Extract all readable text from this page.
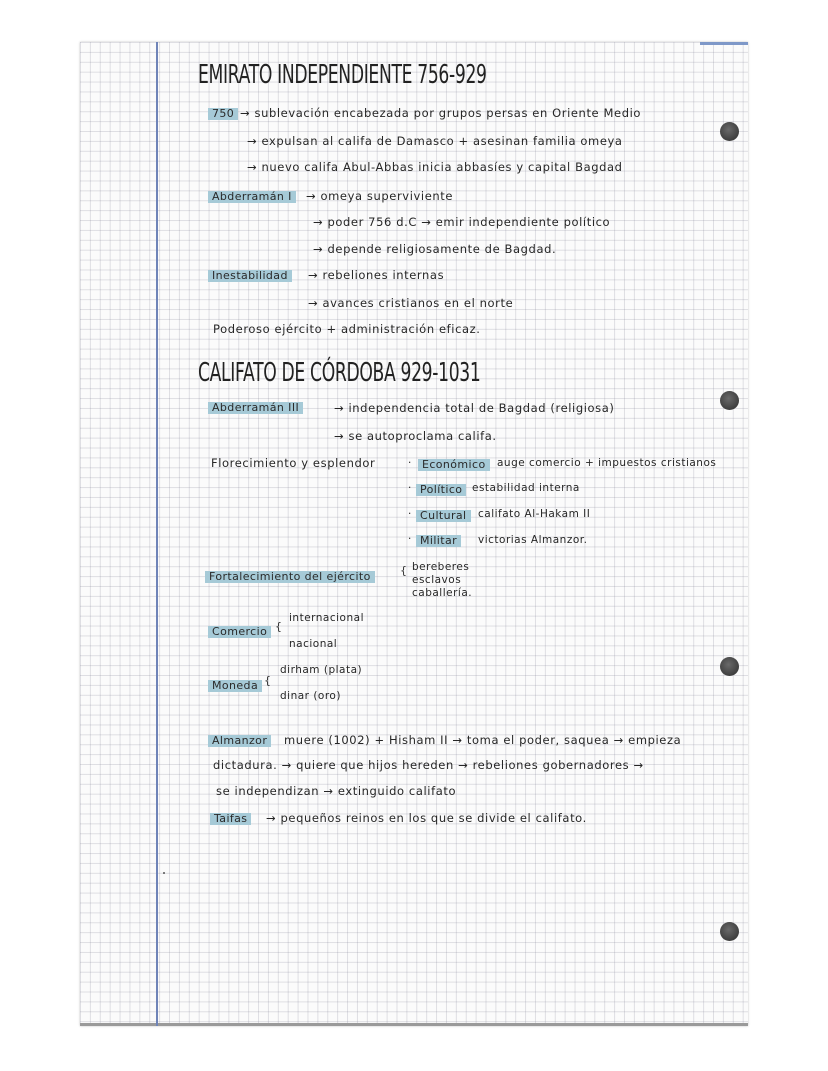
EMIRATO INDEPENDIENTE 756-929
750 → sublevación encabezada por grupos persas en Oriente Medio
→ expulsan al califa de Damasco + asesinan familia omeya
→ nuevo califa Abul-Abbas inicia abbasíes y capital Bagdad
Abderramán I	→ omeya superviviente
→ poder 756 d.C → emir independiente político
→ depende religiosamente de Bagdad.
Inestabilidad	→ rebeliones internas
→ avances cristianos en el norte
Poderoso ejército + administración eficaz.
CALIFATO DE CÓRDOBA 929-1031
Abderramán III	→ independencia total de Bagdad (religiosa)
→ se autoproclama califa.
Florecimiento y esplendor	· Económico	auge comercio + impuestos cristianos
· Político estabilidad interna
· Cultural	califato Al-Hakam II
· Militar	victorias Almanzor.
Fortalecimiento del ejército	{ bereberes
esclavos
caballería.
Comercio {
internacional
nacional
Moneda {
dirham (plata)
dinar (oro)
Almanzor	muere (1002) + Hisham II → toma el poder, saquea → empieza
dictadura. → quiere que hijos hereden → rebeliones gobernadores →
se independizan → extinguido califato
Taifas	→ pequeños reinos en los que se divide el califato.
